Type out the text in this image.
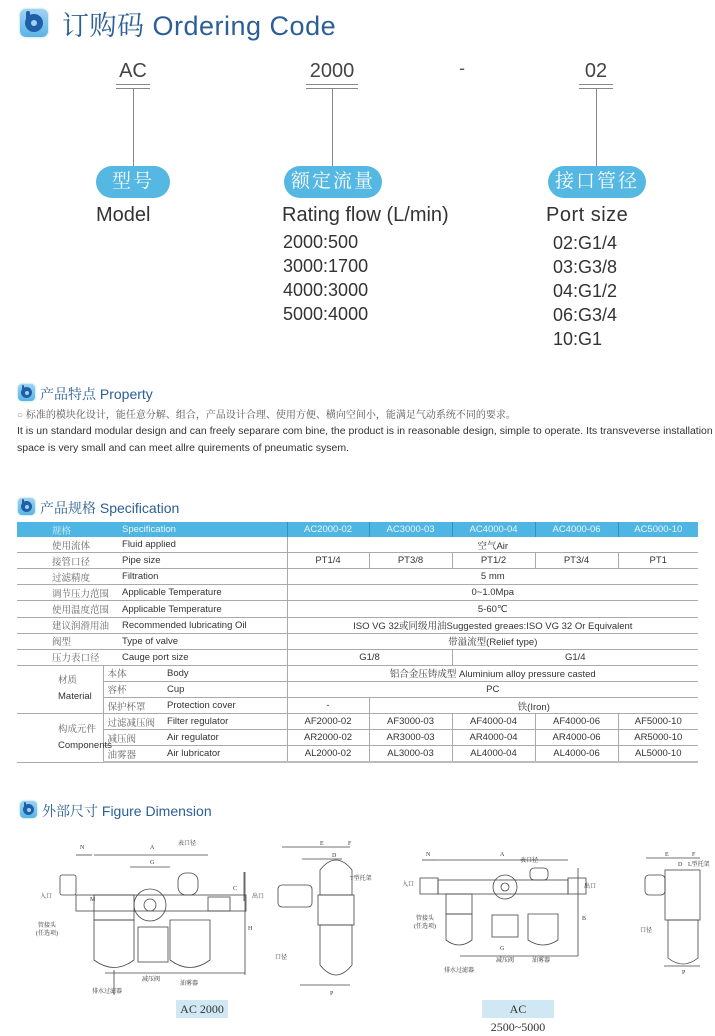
订购码 Ordering Code
AC
型号
Model
2000
额定流量
Rating flow (L/min)
2000:500
3000:1700
4000:3000
5000:4000
-	02
接口管径
Port size
02:G1/4
03:G3/8
04:G1/2
06:G3/4
10:G1
产品特点 Property
○ 标准的模块化设计，能任意分解、组合，产品设计合理、使用方便、横向空间小，能满足气动系统不同的要求。
It is un standard modular design and can freely separare com bine, the product is in reasonable design, simple to operate. Its transveverse installation
space is very small and can meet allre quirements of pneumatic sysem.
产品规格 Specification
规格	Specification		AC2000-02	AC3000-03	AC4000-04	AC4000-06	AC5000-10
使用流体	Fluid applied		空气Air				
接管口径	Pipe size		PT1/4	PT3/8	PT1/2	PT3/4	PT1
过滤精度	Filtration		5 mm				
调节压力范围	Applicable Temperature		0~1.0Mpa				
使用温度范围	Applicable Temperature		5-60℃				
建议润滑用油	Recommended lubricating Oil		ISO VG 32或同级用油Suggested greaes:ISO VG 32 Or Equivalent				
阀型	Type of valve		带溢流型(Relief type)				
压力表口径	Cauge port size		G1/8		G1/4		

材质
Material	本体	Body	铝合金压铸成型 Aluminium alloy pressure casted				
	容杯	Cup	PC				
	保护杯罩	Protection cover	-	铁(Iron)			

构成元件
Components	过滤减压阀	Filter regulator	AF2000-02	AF3000-03	AF4000-04	AF4000-06	AF5000-10
	减压阀	Air regulator	AR2000-02	AR3000-03	AR4000-04	AR4000-06	AR5000-10
	油雾器	Air lubricator	AL2000-02	AL3000-03	AL4000-04	AL4000-06	AL5000-10
外部尺寸 Figure Dimension
N	A
G
C
H
M
E
D
F
P
入口	出口
表口径
管接头
(任选项)
排水过滤器
减压阀
油雾器
口径
T型托架
AC 2000
N	A
G
B
E
D
F
P
入口	出口
表口径
管接头
(任选项)
排水过滤器
减压阀	油雾器
口径
L型托架
AC 2500~5000
